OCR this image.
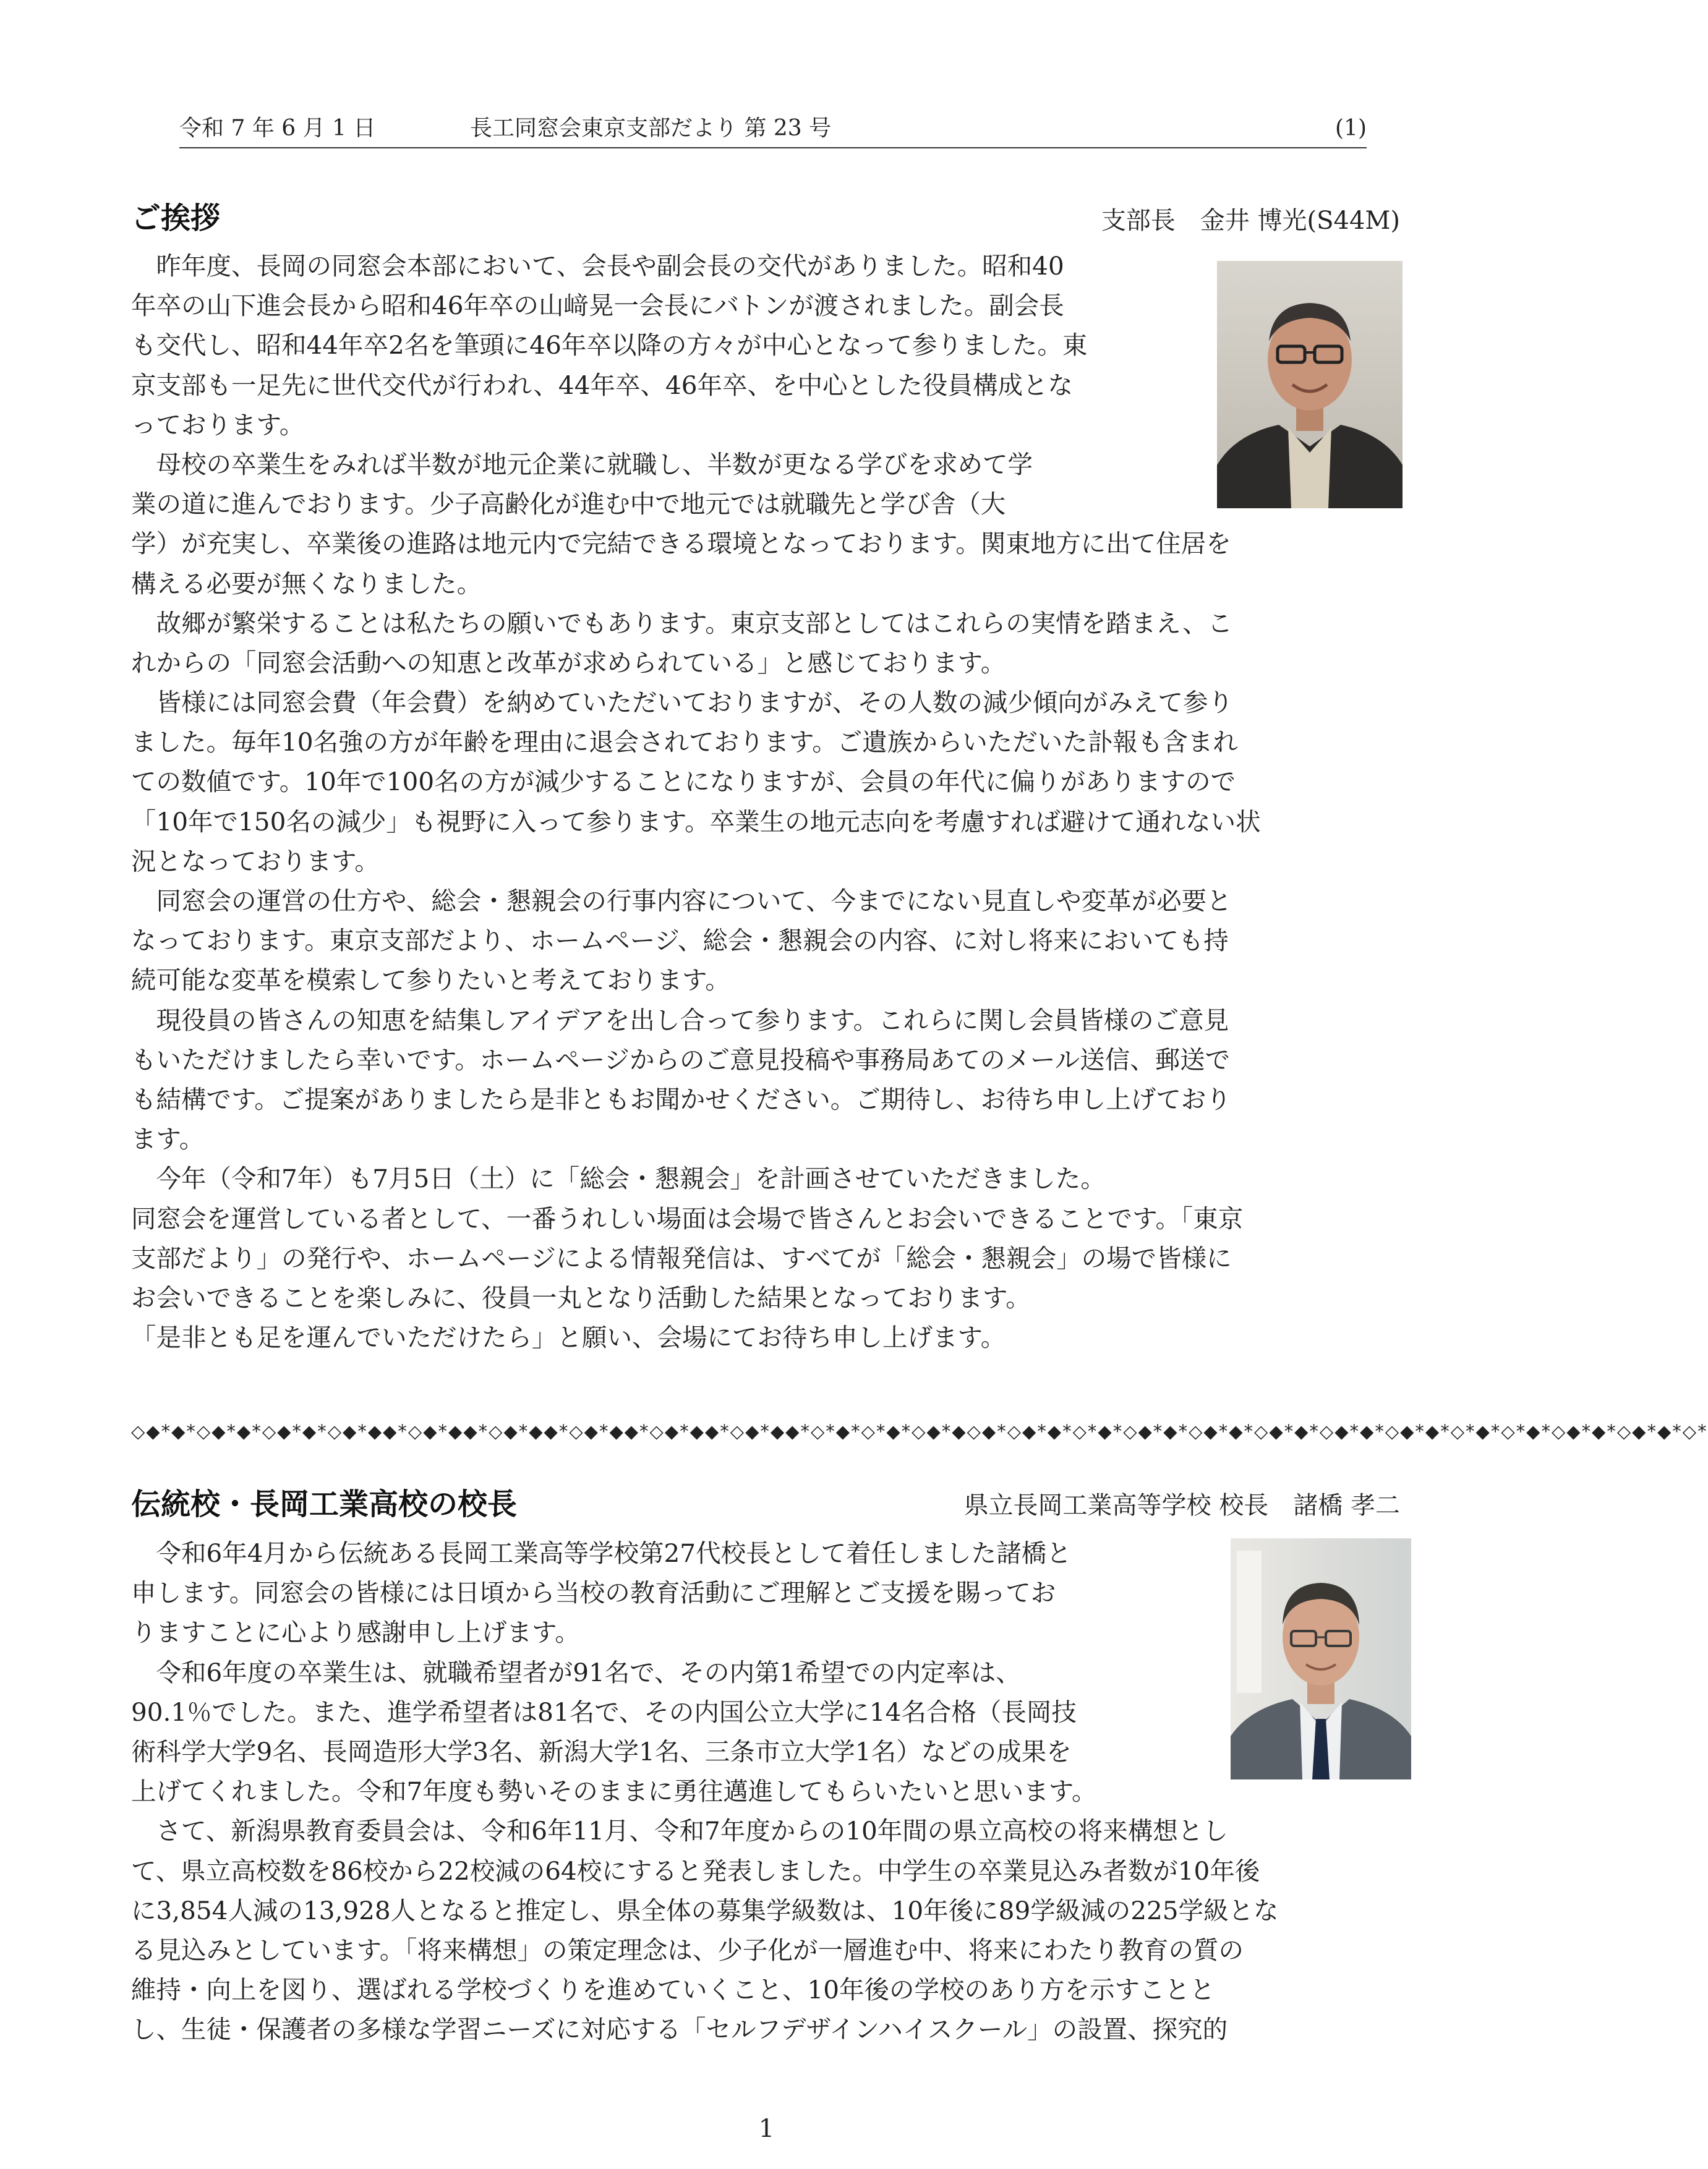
令和 7 年 6 月 1 日	長工同窓会東京支部だより 第 23 号	(1)
ご挨拶	支部長　金井 博光(S44M)
　昨年度、長岡の同窓会本部において、会長や副会長の交代がありました。昭和40
年卒の山下進会長から昭和46年卒の山﨑晃一会長にバトンが渡されました。副会長
も交代し、昭和44年卒2名を筆頭に46年卒以降の方々が中心となって参りました。東
京支部も一足先に世代交代が行われ、44年卒、46年卒、を中心とした役員構成とな
っております。
　母校の卒業生をみれば半数が地元企業に就職し、半数が更なる学びを求めて学
業の道に進んでおります。少子高齢化が進む中で地元では就職先と学び舎（大
学）が充実し、卒業後の進路は地元内で完結できる環境となっております。関東地方に出て住居を
構える必要が無くなりました。
　故郷が繁栄することは私たちの願いでもあります。東京支部としてはこれらの実情を踏まえ、こ
れからの「同窓会活動への知恵と改革が求められている」と感じております。
　皆様には同窓会費（年会費）を納めていただいておりますが、その人数の減少傾向がみえて参り
ました。毎年10名強の方が年齢を理由に退会されております。ご遺族からいただいた訃報も含まれ
ての数値です。10年で100名の方が減少することになりますが、会員の年代に偏りがありますので
「10年で150名の減少」も視野に入って参ります。卒業生の地元志向を考慮すれば避けて通れない状
況となっております。
　同窓会の運営の仕方や、総会・懇親会の行事内容について、今までにない見直しや変革が必要と
なっております。東京支部だより、ホームページ、総会・懇親会の内容、に対し将来においても持
続可能な変革を模索して参りたいと考えております。
　現役員の皆さんの知恵を結集しアイデアを出し合って参ります。これらに関し会員皆様のご意見
もいただけましたら幸いです。ホームページからのご意見投稿や事務局あてのメール送信、郵送で
も結構です。ご提案がありましたら是非ともお聞かせください。ご期待し、お待ち申し上げており
ます。
　今年（令和7年）も7月5日（土）に「総会・懇親会」を計画させていただきました。
同窓会を運営している者として、一番うれしい場面は会場で皆さんとお会いできることです。「東京
支部だより」の発行や、ホームページによる情報発信は、すべてが「総会・懇親会」の場で皆様に
お会いできることを楽しみに、役員一丸となり活動した結果となっております。
「是非とも足を運んでいただけたら」と願い、会場にてお待ち申し上げます。
◇◆*◆*◇◆*◆*◇◆*◆*◇◆*◆◆*◇◆*◆◆*◇◆*◆◆*◇◆*◆◆*◇◆*◆◆*◇◆*◆◆*◇*◆*◇*◆*◇◆*◆◇◆*◇◆*◆*◇*◆*◇◆*◆*◇◆*◆*◇◆*◆*◇◆*◆*◇◆*◆*◇*◆*◇*◆*◇◆*◆*◇◆*◆*◇*
伝統校・長岡工業高校の校長	県立長岡工業高等学校 校長　諸橋 孝二
　令和6年4月から伝統ある長岡工業高等学校第27代校長として着任しました諸橋と
申します。同窓会の皆様には日頃から当校の教育活動にご理解とご支援を賜ってお
りますことに心より感謝申し上げます。
　令和6年度の卒業生は、就職希望者が91名で、その内第1希望での内定率は、
90.1％でした。また、進学希望者は81名で、その内国公立大学に14名合格（長岡技
術科学大学9名、長岡造形大学3名、新潟大学1名、三条市立大学1名）などの成果を
上げてくれました。令和7年度も勢いそのままに勇往邁進してもらいたいと思います。
　さて、新潟県教育委員会は、令和6年11月、令和7年度からの10年間の県立高校の将来構想とし
て、県立高校数を86校から22校減の64校にすると発表しました。中学生の卒業見込み者数が10年後
に3,854人減の13,928人となると推定し、県全体の募集学級数は、10年後に89学級減の225学級とな
る見込みとしています。「将来構想」の策定理念は、少子化が一層進む中、将来にわたり教育の質の
維持・向上を図り、選ばれる学校づくりを進めていくこと、10年後の学校のあり方を示すことと
し、生徒・保護者の多様な学習ニーズに対応する「セルフデザインハイスクール」の設置、探究的
1
